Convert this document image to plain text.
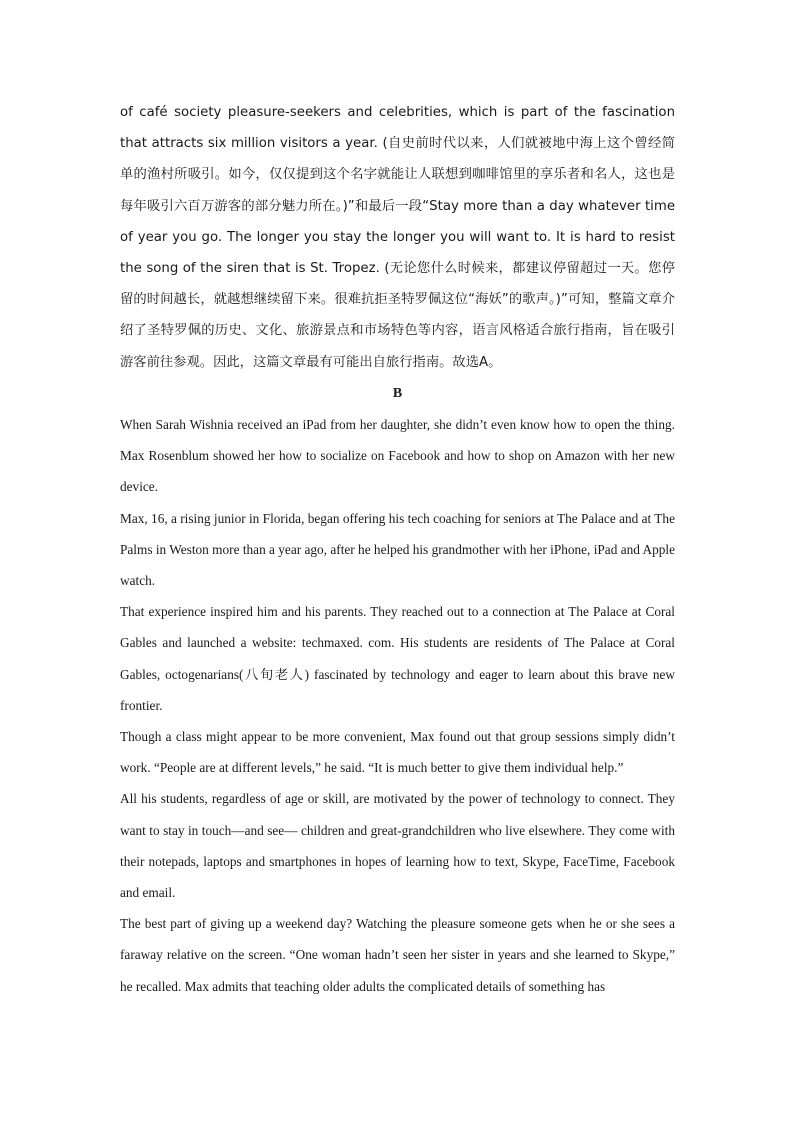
of café society pleasure-seekers and celebrities, which is part of the fascination that attracts six million visitors a year. (自史前时代以来，人们就被地中海上这个曾经简单的渔村所吸引。如今，仅仅提到这个名字就能让人联想到咖啡馆里的享乐者和名人，这也是每年吸引六百万游客的部分魅力所在。)”和最后一段“Stay more than a day whatever time of year you go. The longer you stay the longer you will want to. It is hard to resist the song of the siren that is St. Tropez. (无论您什么时候来，都建议停留超过一天。您停留的时间越长，就越想继续留下来。很难抗拒圣特罗佩这位“海妖”的歌声。)”可知，整篇文章介绍了圣特罗佩的历史、文化、旅游景点和市场特色等内容，语言风格适合旅行指南，旨在吸引游客前往参观。因此，这篇文章最有可能出自旅行指南。故选A。

B

When Sarah Wishnia received an iPad from her daughter, she didn’t even know how to open the thing. Max Rosenblum showed her how to socialize on Facebook and how to shop on Amazon with her new device.

Max, 16, a rising junior in Florida, began offering his tech coaching for seniors at The Palace and at The Palms in Weston more than a year ago, after he helped his grandmother with her iPhone, iPad and Apple watch.

That experience inspired him and his parents. They reached out to a connection at The Palace at Coral Gables and launched a website: techmaxed. com. His students are residents of The Palace at Coral Gables, octogenarians(八旬老人) fascinated by technology and eager to learn about this brave new frontier.

Though a class might appear to be more convenient, Max found out that group sessions simply didn’t work. “People are at different levels,” he said. “It is much better to give them individual help.”

All his students, regardless of age or skill, are motivated by the power of technology to connect. They want to stay in touch—and see— children and great-grandchildren who live elsewhere. They come with their notepads, laptops and smartphones in hopes of learning how to text, Skype, FaceTime, Facebook and email.

The best part of giving up a weekend day? Watching the pleasure someone gets when he or she sees a faraway relative on the screen. “One woman hadn’t seen her sister in years and she learned to Skype,” he recalled. Max admits that teaching older adults the complicated details of something has
